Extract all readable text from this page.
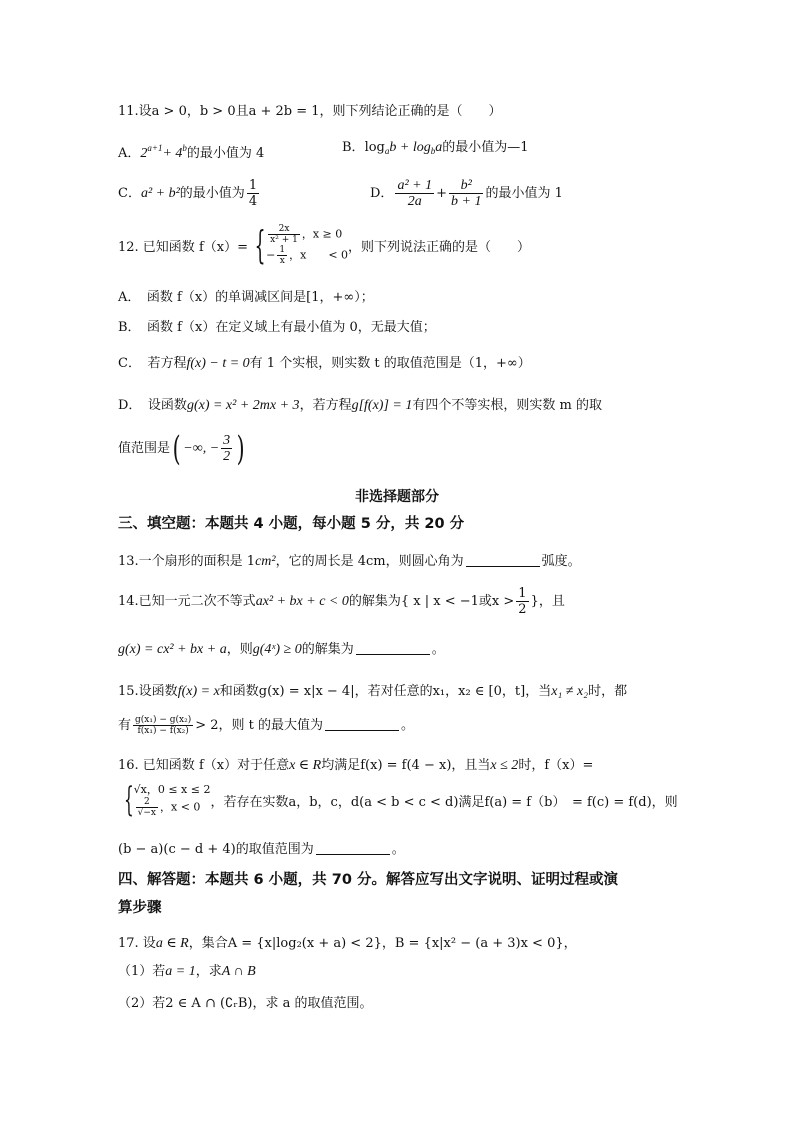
11.设a > 0，b > 0且a + 2b = 1，则下列结论正确的是（　　）
A．$2^{a+1}+ 4^b$的最小值为 4	B．$\log_ab + \log_ba$的最小值为—1
C．a² + b²的最小值为 $\frac{1}{4}$	D． $\frac{\text{a² + 1}}{2a} + \frac{\text{b²}}{b + 1}$ 的最小值为 1
12. 已知函数 f（x）= { $\frac{2x}{\text{x² + 1}}$ ，x ≥ 0
− $\frac{1}{x}$ ，x　　< 0
，则下列说法正确的是（　　）
A．　函数 f（x）的单调减区间是[1，+∞）；
B．　函数 f（x）在定义域上有最小值为 0，无最大值；
C．　若方程f(x) − t = 0有 1 个实根，则实数 t 的取值范围是（1，+∞）
D．　设函数g(x) = x² + 2mx + 3，若方程g[f(x)] = 1有四个不等实根，则实数 m 的取
值范围是( −∞, − $\frac{3}{2}$ )
非选择题部分
三、填空题：本题共 4 小题，每小题 5 分，共 20 分
13.一个扇形的面积是 1cm²，它的周长是 4cm，则圆心角为	弧度。
14.已知一元二次不等式ax² + bx + c < 0的解集为{ x | x < −1或$x > \frac{1}{2}$ }，且
g(x) = cx² + bx + a，则g(4ˣ) ≥ 0的解集为	。
15.设函数f(x) = x和函数g(x) = x|x − 4|，若对任意的x₁，x₂ ∈ [0，t]，当x₁ ≠ x₂时，都
有 $\frac{\text{g(x₁) − g(x₂)}}{\text{f(x₁) − f(x₂)}} > 2$，则 t 的最大值为	。
16. 已知函数 f（x）对于任意x ∈ R均满足f(x) = f(4 − x)，且当x ≤ 2时，f（x）=
{ √x，0 ≤ x ≤ 2
$\frac{2}{√-x}$ ，x < 0 ，若存在实数a，b，c，d(a < b < c < d)满足f(a) = f（b）　= f(c) = f(d)，则
(b − a)(c − d + 4)的取值范围为	。
四、解答题：本题共 6 小题，共 70 分。解答应写出文字说明、证明过程或演
算步骤
17. 设a ∈ R，集合A = {x|log₂(x + a) < 2}，B = {x|x² − (a + 3)x < 0}，
（1）若a = 1，求A ∩ B
（2）若2 ∈ A ∩ (∁ᵣB)，求 a 的取值范围。
